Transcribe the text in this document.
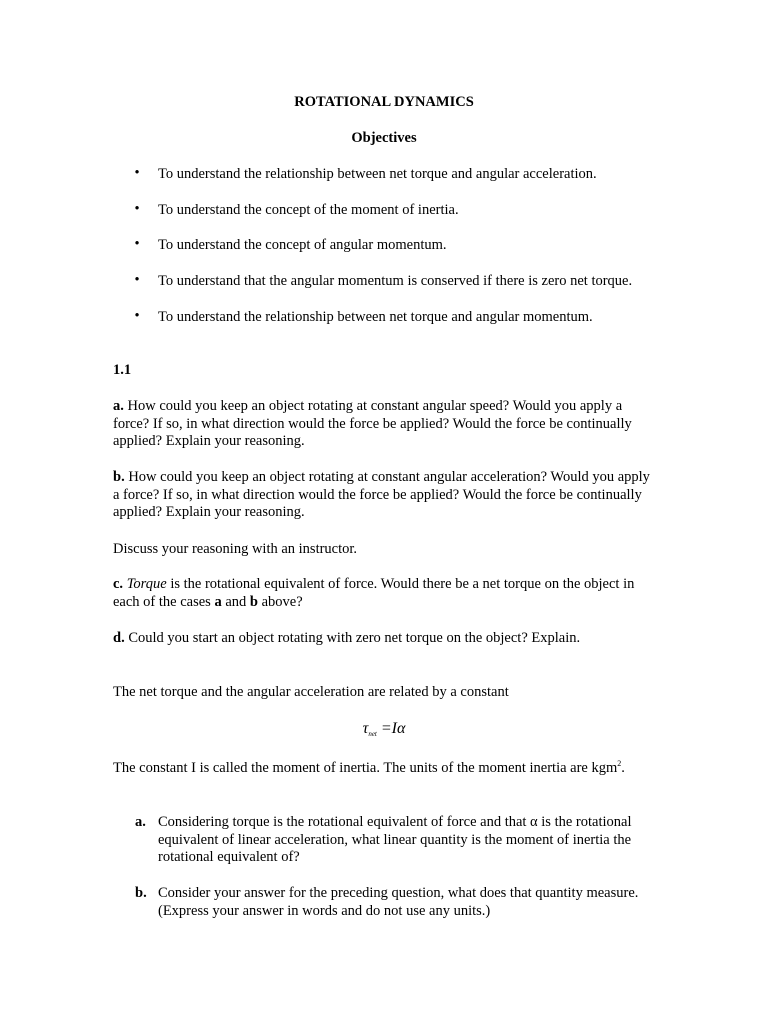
ROTATIONAL DYNAMICS
Objectives
• To understand the relationship between net torque and angular acceleration.
• To understand the concept of the moment of inertia.
• To understand the concept of angular momentum.
• To understand that the angular momentum is conserved if there is zero net torque.
• To understand the relationship between net torque and angular momentum.
1.1
a. How could you keep an object rotating at constant angular speed? Would you apply a force? If so, in what direction would the force be applied? Would the force be continually applied? Explain your reasoning.
b. How could you keep an object rotating at constant angular acceleration? Would you apply a force? If so, in what direction would the force be applied? Would the force be continually applied? Explain your reasoning.
Discuss your reasoning with an instructor.
c. Torque is the rotational equivalent of force. Would there be a net torque on the object in each of the cases a and b above?
d. Could you start an object rotating with zero net torque on the object? Explain.
The net torque and the angular acceleration are related by a constant
$\tau_{net} =I\alpha$
The constant I is called the moment of inertia. The units of the moment inertia are kgm$^2$.
a. Considering torque is the rotational equivalent of force and that α is the rotational equivalent of linear acceleration, what linear quantity is the moment of inertia the rotational equivalent of?
b. Consider your answer for the preceding question, what does that quantity measure. (Express your answer in words and do not use any units.)
